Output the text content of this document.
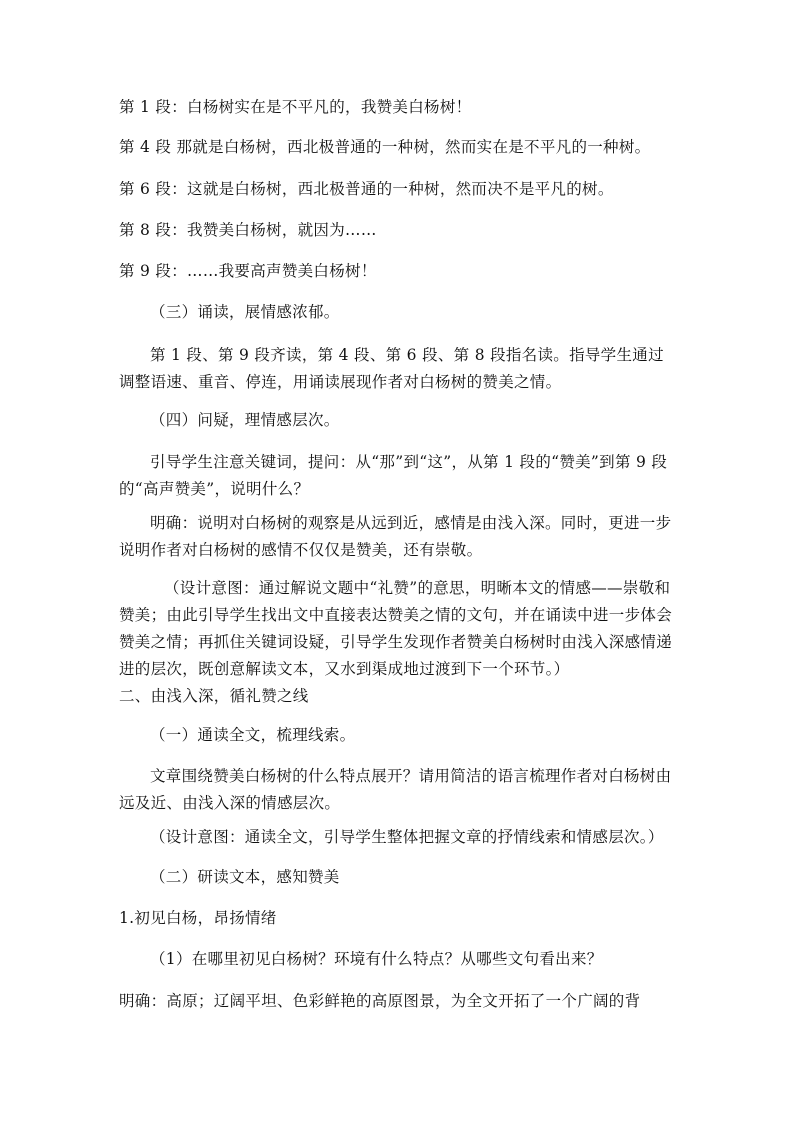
第 1 段：白杨树实在是不平凡的，我赞美白杨树！

第 4 段 那就是白杨树，西北极普通的一种树，然而实在是不平凡的一种树。

第 6 段：这就是白杨树，西北极普通的一种树，然而决不是平凡的树。

第 8 段：我赞美白杨树，就因为……

第 9 段：……我要高声赞美白杨树！

（三）诵读，展情感浓郁。

第 1 段、第 9 段齐读，第 4 段、第 6 段、第 8 段指名读。指导学生通过调整语速、重音、停连，用诵读展现作者对白杨树的赞美之情。

（四）问疑，理情感层次。

引导学生注意关键词，提问：从“那”到“这”，从第 1 段的“赞美”到第 9 段的“高声赞美”，说明什么？

明确：说明对白杨树的观察是从远到近，感情是由浅入深。同时，更进一步说明作者对白杨树的感情不仅仅是赞美，还有崇敬。

（设计意图：通过解说文题中“礼赞”的意思，明晰本文的情感——崇敬和赞美；由此引导学生找出文中直接表达赞美之情的文句，并在诵读中进一步体会赞美之情；再抓住关键词设疑，引导学生发现作者赞美白杨树时由浅入深感情递进的层次，既创意解读文本，又水到渠成地过渡到下一个环节。）

二、由浅入深，循礼赞之线

（一）通读全文，梳理线索。

文章围绕赞美白杨树的什么特点展开？请用简洁的语言梳理作者对白杨树由远及近、由浅入深的情感层次。

（设计意图：通读全文，引导学生整体把握文章的抒情线索和情感层次。）

（二）研读文本，感知赞美

1.初见白杨，昂扬情绪

（1）在哪里初见白杨树？环境有什么特点？从哪些文句看出来？

明确：高原；辽阔平坦、色彩鲜艳的高原图景，为全文开拓了一个广阔的背
